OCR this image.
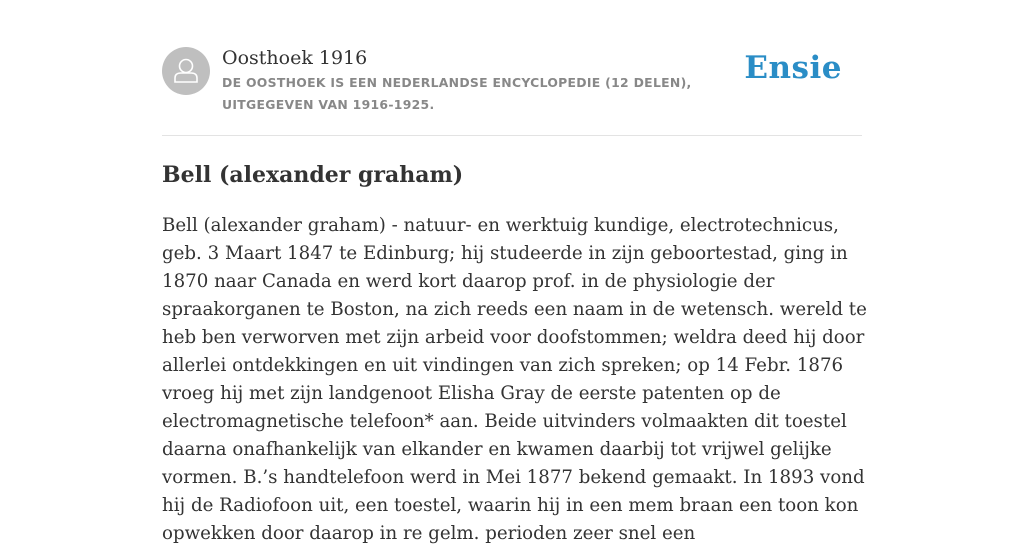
Oosthoek 1916
DE OOSTHOEK IS EEN NEDERLANDSE ENCYCLOPEDIE (12 DELEN), UITGEGEVEN VAN 1916-1925.
Ensie
Bell (alexander graham)

Bell (alexander graham) - natuur- en werktuig kundige, electrotechnicus, geb. 3 Maart 1847 te Edinburg; hij studeerde in zijn geboortestad, ging in 1870 naar Canada en werd kort daarop prof. in de physiologie der spraakorganen te Boston, na zich reeds een naam in de wetensch. wereld te heb ben verworven met zijn arbeid voor doofstommen; weldra deed hij door allerlei ontdekkingen en uit vindingen van zich spreken; op 14 Febr. 1876 vroeg hij met zijn landgenoot Elisha Gray de eerste patenten op de electromagnetische telefoon* aan. Beide uitvinders volmaakten dit toestel daarna onafhankelijk van elkander en kwamen daarbij tot vrijwel gelijke vormen. B.’s handtelefoon werd in Mei 1877 bekend gemaakt. In 1893 vond hij de Radiofoon uit, een toestel, waarin hij in een mem braan een toon kon opwekken door daarop in re gelm. perioden zeer snel een
